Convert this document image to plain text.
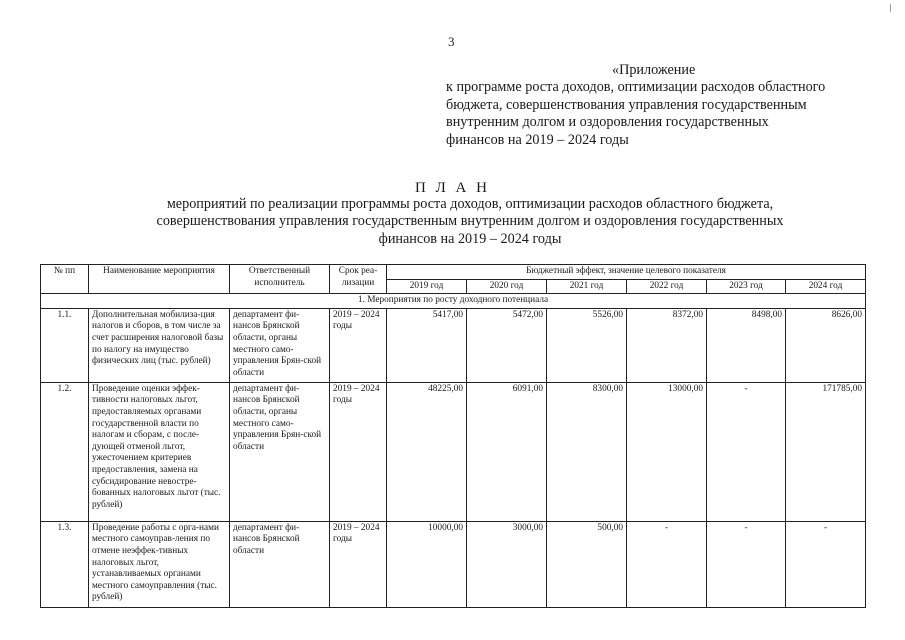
3
«Приложение
к программе роста доходов, оптимизации расходов областного
бюджета, совершенствования управления государственным
внутренним долгом и оздоровления государственных
финансов на 2019 – 2024 годы
П Л А Н
мероприятий по реализации программы роста доходов, оптимизации расходов областного бюджета,
совершенствования управления государственным внутренним долгом и оздоровления государственных
финансов на 2019 – 2024 годы
№ пп	Наименование мероприятия	Ответственный исполнитель	Срок реа-лизации	Бюджетный эффект, значение целевого показателя					
				2019 год	2020 год	2021 год	2022 год	2023 год	2024 год
1. Мероприятия по росту доходного потенциала									
1.1.	Дополнительная мобилиза-ция налогов и сборов, в том числе за счет расширения налоговой базы по налогу на имущество физических лиц (тыс. рублей)	департамент фи-нансов Брянской области, органы местного само-управления Брян-ской области	2019 – 2024 годы	5417,00	5472,00	5526,00	8372,00	8498,00	8626,00
1.2.	Проведение оценки эффек-тивности налоговых льгот, предоставляемых органами государственной власти по налогам и сборам, с после-дующей отменой льгот, ужесточением критериев предоставления, замена на субсидирование невостре-бованных налоговых льгот (тыс. рублей)	департамент фи-нансов Брянской области, органы местного само-управления Брян-ской области	2019 – 2024 годы	48225,00	6091,00	8300,00	13000,00	-	171785,00
1.3.	Проведение работы с орга-нами местного самоуправ-ления по отмене неэффек-тивных налоговых льгот, устанавливаемых органами местного самоуправления (тыс. рублей)	департамент фи-нансов Брянской области	2019 – 2024 годы	10000,00	3000,00	500,00	-	-	-
